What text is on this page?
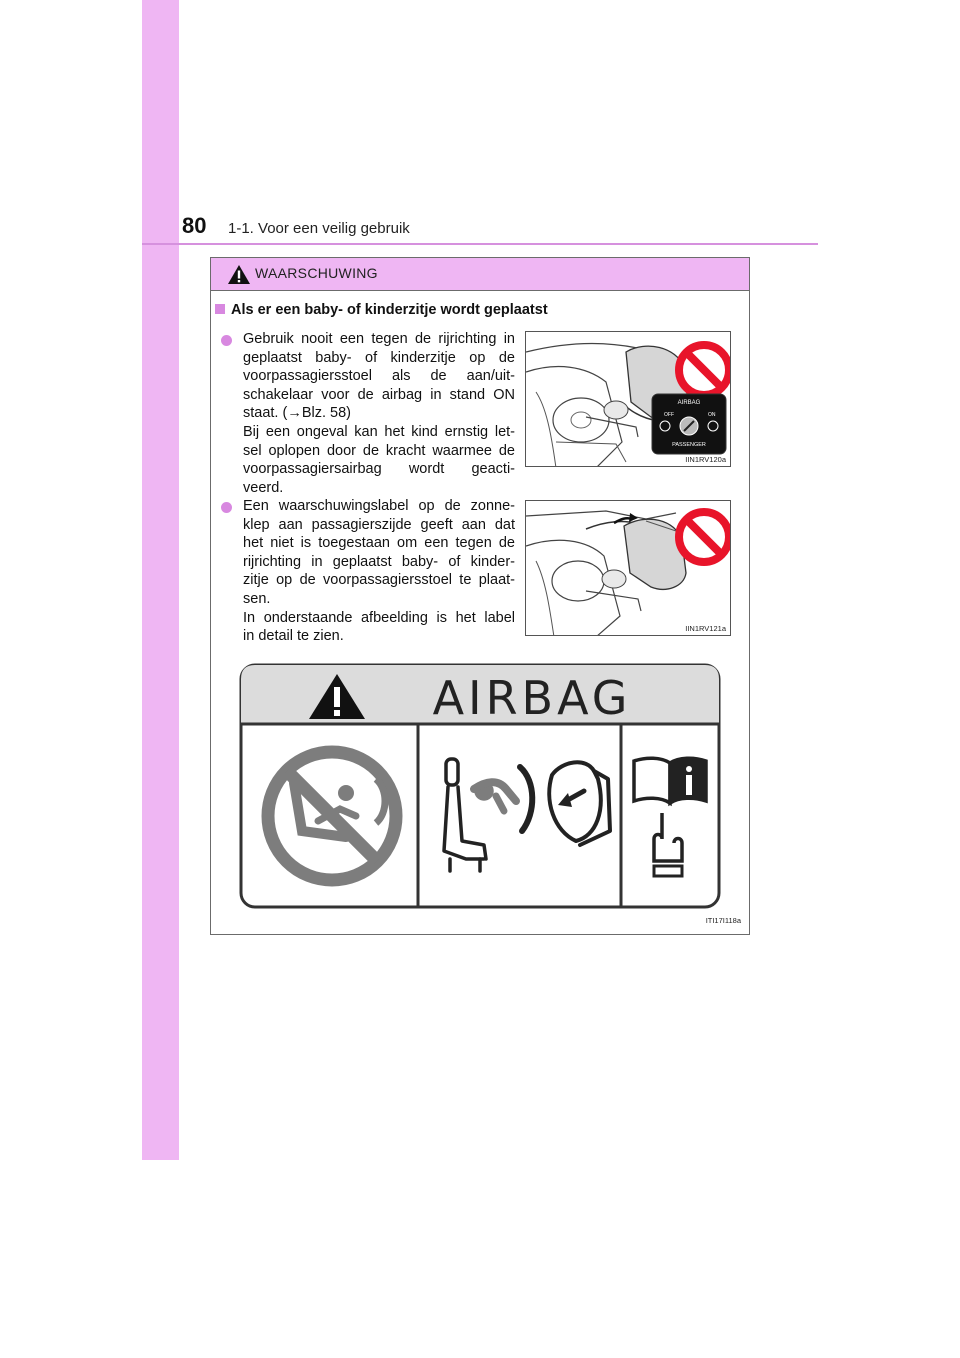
80 1-1. Voor een veilig gebruik
WAARSCHUWING
Als er een baby- of kinderzitje wordt geplaatst
Gebruik nooit een tegen de rijrichting in
geplaatst baby- of kinderzitje op de
voorpassagiersstoel als de aan/uit-
schakelaar voor de airbag in stand ON
staat. (→Blz. 58)
Bij een ongeval kan het kind ernstig let-
sel oplopen door de kracht waarmee de
voorpassagiersairbag wordt geacti-
veerd.
AIRBAG
OFF	ON
PASSENGER
IIN1RV120a
Een waarschuwingslabel op de zonne-
klep aan passagierszijde geeft aan dat
het niet is toegestaan om een tegen de
rijrichting in geplaatst baby- of kinder-
zitje op de voorpassagiersstoel te plaat-
sen.
In onderstaande afbeelding is het label
in detail te zien.	IIN1RV121a
AIRBAG
ITI17I118a
